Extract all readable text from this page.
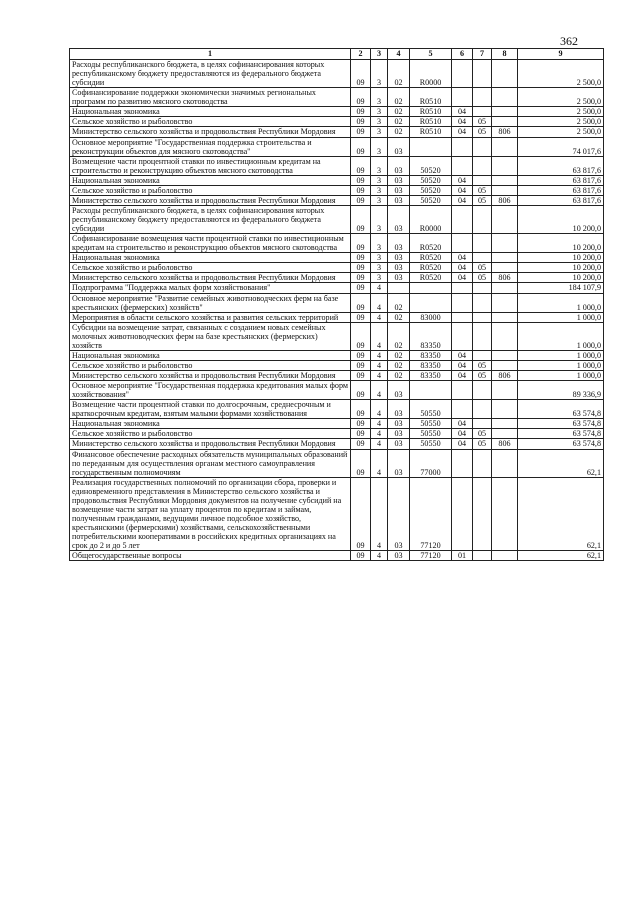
362
1	2	3	4	5	6	7	8	9
Расходы республиканского бюджета, в целях софинансирования которых республиканскому бюджету предоставляются из федерального бюджета субсидии	09	3	02	R0000				2 500,0
Софинансирование поддержки экономически значимых региональных программ по развитию мясного скотоводства	09	3	02	R0510				2 500,0
Национальная экономика	09	3	02	R0510	04			2 500,0
Сельское хозяйство и рыболовство	09	3	02	R0510	04	05		2 500,0
Министерство сельского хозяйства и продовольствия Республики Мордовия	09	3	02	R0510	04	05	806	2 500,0
Основное мероприятие "Государственная поддержка строительства и реконструкции объектов для мясного скотоводства"	09	3	03					74 017,6
Возмещение части процентной ставки по инвестиционным кредитам на строительство и реконструкцию объектов мясного скотоводства	09	3	03	50520				63 817,6
Национальная экономика	09	3	03	50520	04			63 817,6
Сельское хозяйство и рыболовство	09	3	03	50520	04	05		63 817,6
Министерство сельского хозяйства и продовольствия Республики Мордовия	09	3	03	50520	04	05	806	63 817,6
Расходы республиканского бюджета, в целях софинансирования которых республиканскому бюджету предоставляются из федерального бюджета субсидии	09	3	03	R0000				10 200,0
Софинансирование возмещения части процентной ставки по инвестиционным кредитам на строительство и реконструкцию объектов мясного скотоводства	09	3	03	R0520				10 200,0
Национальная экономика	09	3	03	R0520	04			10 200,0
Сельское хозяйство и рыболовство	09	3	03	R0520	04	05		10 200,0
Министерство сельского хозяйства и продовольствия Республики Мордовия	09	3	03	R0520	04	05	806	10 200,0
Подпрограмма "Поддержка малых форм хозяйствования"	09	4						184 107,9
Основное мероприятие "Развитие семейных животноводческих ферм на базе крестьянских (фермерских) хозяйств"	09	4	02					1 000,0
Мероприятия в области сельского хозяйства и развития сельских территорий	09	4	02	83000				1 000,0
Субсидии на возмещение затрат, связанных с созданием новых семейных молочных животноводческих ферм на базе крестьянских (фермерских) хозяйств	09	4	02	83350				1 000,0
Национальная экономика	09	4	02	83350	04			1 000,0
Сельское хозяйство и рыболовство	09	4	02	83350	04	05		1 000,0
Министерство сельского хозяйства и продовольствия Республики Мордовия	09	4	02	83350	04	05	806	1 000,0
Основное мероприятие "Государственная поддержка кредитования малых форм хозяйствования"	09	4	03					89 336,9
Возмещение части процентной ставки по долгосрочным, среднесрочным и краткосрочным кредитам, взятым малыми формами хозяйствования	09	4	03	50550				63 574,8
Национальная экономика	09	4	03	50550	04			63 574,8
Сельское хозяйство и рыболовство	09	4	03	50550	04	05		63 574,8
Министерство сельского хозяйства и продовольствия Республики Мордовия	09	4	03	50550	04	05	806	63 574,8
Финансовое обеспечение расходных обязательств муниципальных образований по переданным для осуществления органам местного самоуправления государственным полномочиям	09	4	03	77000				62,1
Реализация государственных полномочий по организации сбора, проверки и единовременного представления в Министерство сельского хозяйства и продовольствия Республики Мордовия документов на получение субсидий на возмещение части затрат на уплату процентов по кредитам и займам, полученным гражданами, ведущими личное подсобное хозяйство, крестьянскими (фермерскими) хозяйствами, сельскохозяйственными потребительскими кооперативами в российских кредитных организациях на срок до 2 и до 5 лет	09	4	03	77120				62,1
Общегосударственные вопросы	09	4	03	77120	01			62,1
